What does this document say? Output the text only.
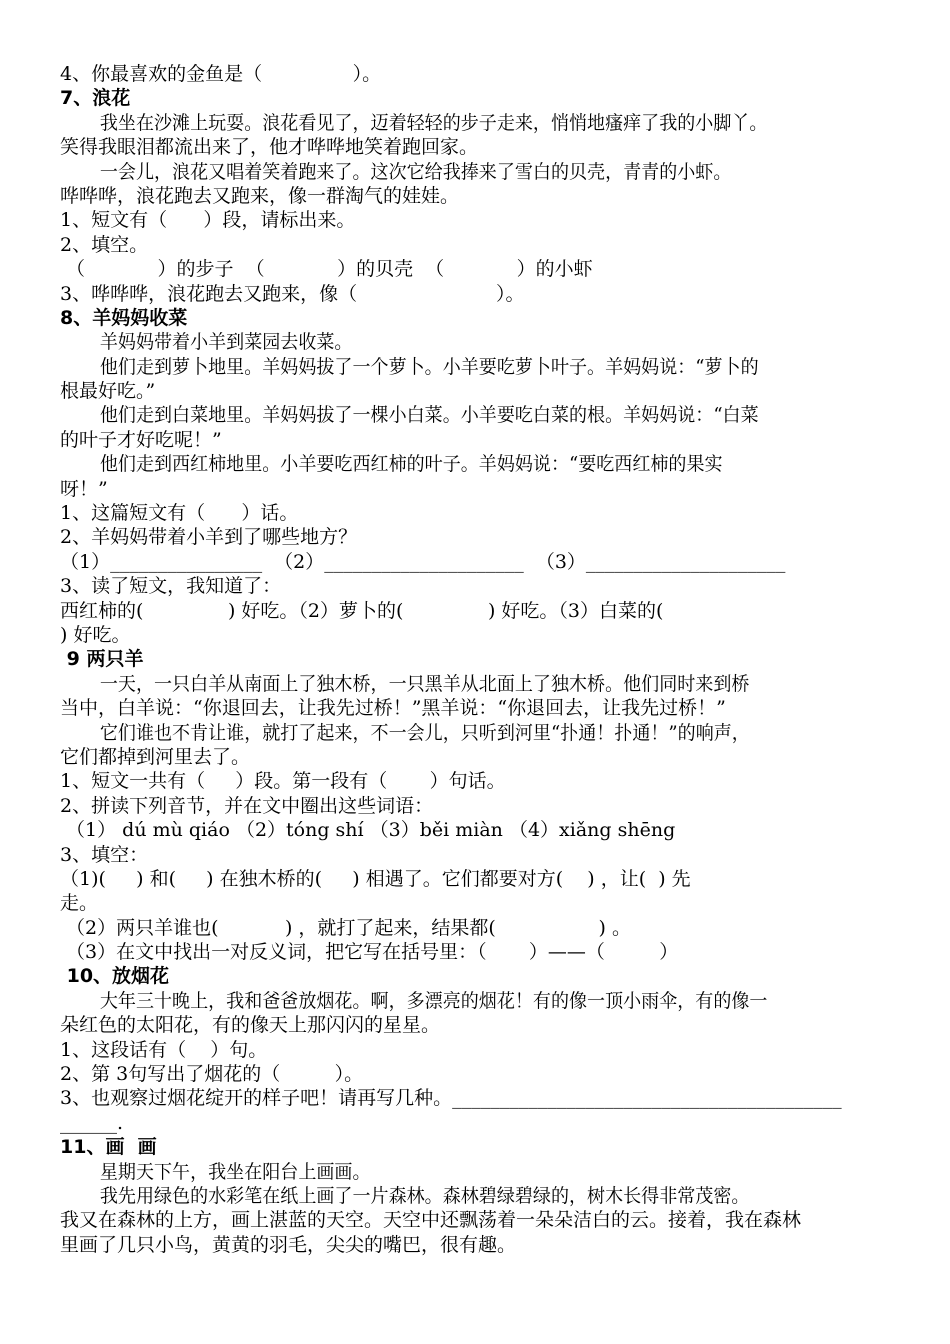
4、你最喜欢的金鱼是（               ）。
7、浪花
我坐在沙滩上玩耍。浪花看见了，迈着轻轻的步子走来，悄悄地瘙痒了我的小脚丫。
笑得我眼泪都流出来了，他才哗哗地笑着跑回家。
一会儿，浪花又唱着笑着跑来了。这次它给我捧来了雪白的贝壳，青青的小虾。
哗哗哗，浪花跑去又跑来，像一群淘气的娃娃。
1、短文有（      ）段，请标出来。
2、填空。
（            ）的步子  （            ）的贝壳  （            ）的小虾
3、哗哗哗，浪花跑去又跑来，像（                       ）。
8、羊妈妈收菜
羊妈妈带着小羊到菜园去收菜。
他们走到萝卜地里。羊妈妈拔了一个萝卜。小羊要吃萝卜叶子。羊妈妈说：“萝卜的
根最好吃。”
他们走到白菜地里。羊妈妈拔了一棵小白菜。小羊要吃白菜的根。羊妈妈说：“白菜
的叶子才好吃呢！”
他们走到西红柿地里。小羊要吃西红柿的叶子。羊妈妈说：“要吃西红柿的果实
呀！”
1、这篇短文有（      ）话。
2、羊妈妈带着小羊到了哪些地方？
（1）________________  （2）_____________________  （3）_____________________
3、读了短文，我知道了：
西红柿的(              ) 好吃。（2）萝卜的(              ) 好吃。（3）白菜的(
) 好吃。
9 两只羊
一天，一只白羊从南面上了独木桥，一只黑羊从北面上了独木桥。他们同时来到桥
当中，白羊说：“你退回去，让我先过桥！”黑羊说：“你退回去，让我先过桥！”
它们谁也不肯让谁，就打了起来，不一会儿，只听到河里“扑通！扑通！”的响声，
它们都掉到河里去了。
1、短文一共有（     ）段。第一段有（       ）句话。
2、拼读下列音节，并在文中圈出这些词语：
（1） dú mù qiáo （2）tóng shí （3）běi miàn （4）xiǎng shēng
3、填空：
（1)(     ) 和(     ) 在独木桥的(     ) 相遇了。它们都要对方(    ) ，让(  ) 先
走。
（2）两只羊谁也(           ) ，就打了起来，结果都(                 ) 。
（3）在文中找出一对反义词，把它写在括号里：（       ）——（         ）
10、放烟花
大年三十晚上，我和爸爸放烟花。啊，多漂亮的烟花！有的像一顶小雨伞，有的像一
朵红色的太阳花，有的像天上那闪闪的星星。
1、这段话有（    ）句。
2、第 3句写出了烟花的（         ）。
3、也观察过烟花绽开的样子吧！请再写几种。_________________________________________
______.
11、画  画
星期天下午，我坐在阳台上画画。
我先用绿色的水彩笔在纸上画了一片森林。森林碧绿碧绿的，树木长得非常茂密。
我又在森林的上方，画上湛蓝的天空。天空中还飘荡着一朵朵洁白的云。接着，我在森林
里画了几只小鸟，黄黄的羽毛，尖尖的嘴巴，很有趣。
